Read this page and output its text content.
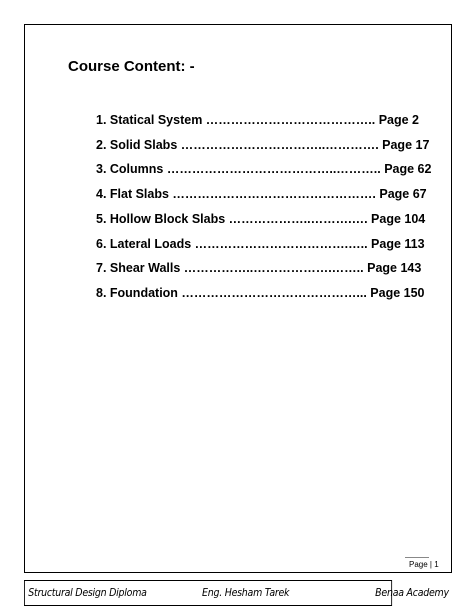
Course Content: -
1. Statical System ………………………………….. Page 2
2. Solid Slabs ……………………………..…………. Page 17
3. Columns …………………………………..……….. Page 62
4. Flat Slabs …………………………………………. Page 67
5. Hollow Block Slabs ………………..……….…. Page 104
6. Lateral Loads ……………………………….….. Page 113
7. Shear Walls ……………..……………….…….. Page 143
8. Foundation ……………………………………... Page 150
Page | 1
Structural Design Diploma	Eng. Hesham Tarek	Benaa Academy
